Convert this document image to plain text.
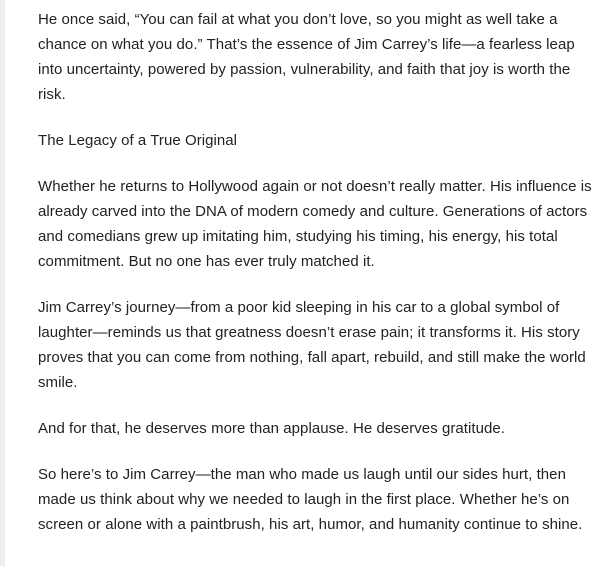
He once said, “You can fail at what you don’t love, so you might as well take a chance on what you do.” That’s the essence of Jim Carrey’s life—a fearless leap into uncertainty, powered by passion, vulnerability, and faith that joy is worth the risk.

The Legacy of a True Original

Whether he returns to Hollywood again or not doesn’t really matter. His influence is already carved into the DNA of modern comedy and culture. Generations of actors and comedians grew up imitating him, studying his timing, his energy, his total commitment. But no one has ever truly matched it.

Jim Carrey’s journey—from a poor kid sleeping in his car to a global symbol of laughter—reminds us that greatness doesn’t erase pain; it transforms it. His story proves that you can come from nothing, fall apart, rebuild, and still make the world smile.

And for that, he deserves more than applause. He deserves gratitude.

So here’s to Jim Carrey—the man who made us laugh until our sides hurt, then made us think about why we needed to laugh in the first place. Whether he’s on screen or alone with a paintbrush, his art, humor, and humanity continue to shine.
